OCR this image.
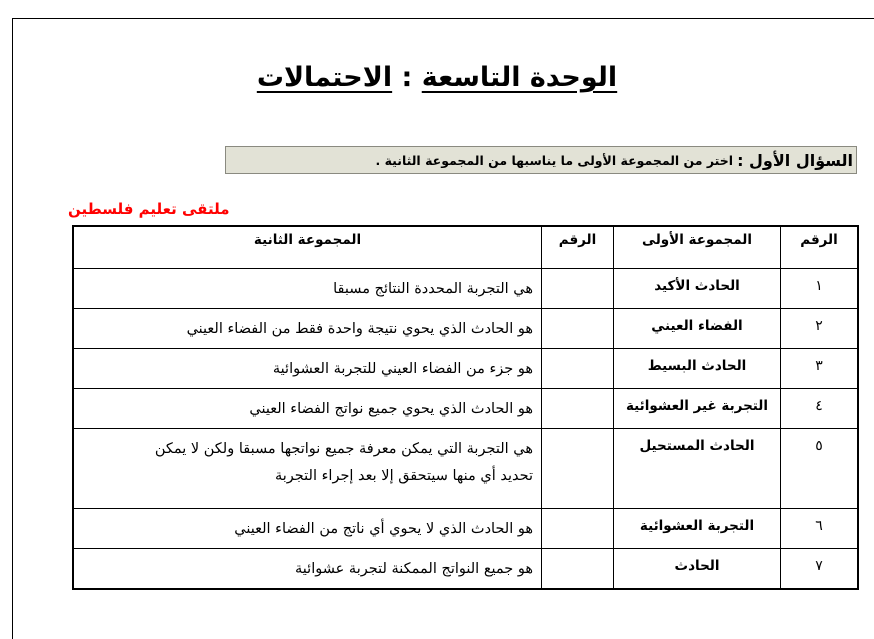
الوحدة التاسعة : الاحتمالات
السؤال الأول :
اختر من المجموعة الأولى ما يناسبها من المجموعة الثانية .
ملتقى تعليم فلسطين
الرقم	المجموعة الأولى	الرقم	المجموعة الثانية
١	الحادث الأكيد		هي التجربة المحددة النتائج مسبقا
٢	الفضاء العيني		هو الحادث الذي يحوي نتيجة واحدة فقط من الفضاء العيني
٣	الحادث البسيط		هو جزء من الفضاء العيني للتجربة العشوائية
٤	التجربة غير العشوائية		هو الحادث الذي يحوي جميع نواتج الفضاء العيني
٥	الحادث المستحيل		هي التجربة التي يمكن معرفة جميع نواتجها مسبقا ولكن لا يمكن
تحديد أي منها سيتحقق إلا بعد إجراء التجربة

٦	التجربة العشوائية		هو الحادث الذي لا يحوي أي ناتج من الفضاء العيني
٧	الحادث		هو جميع النواتج الممكنة لتجربة عشوائية
